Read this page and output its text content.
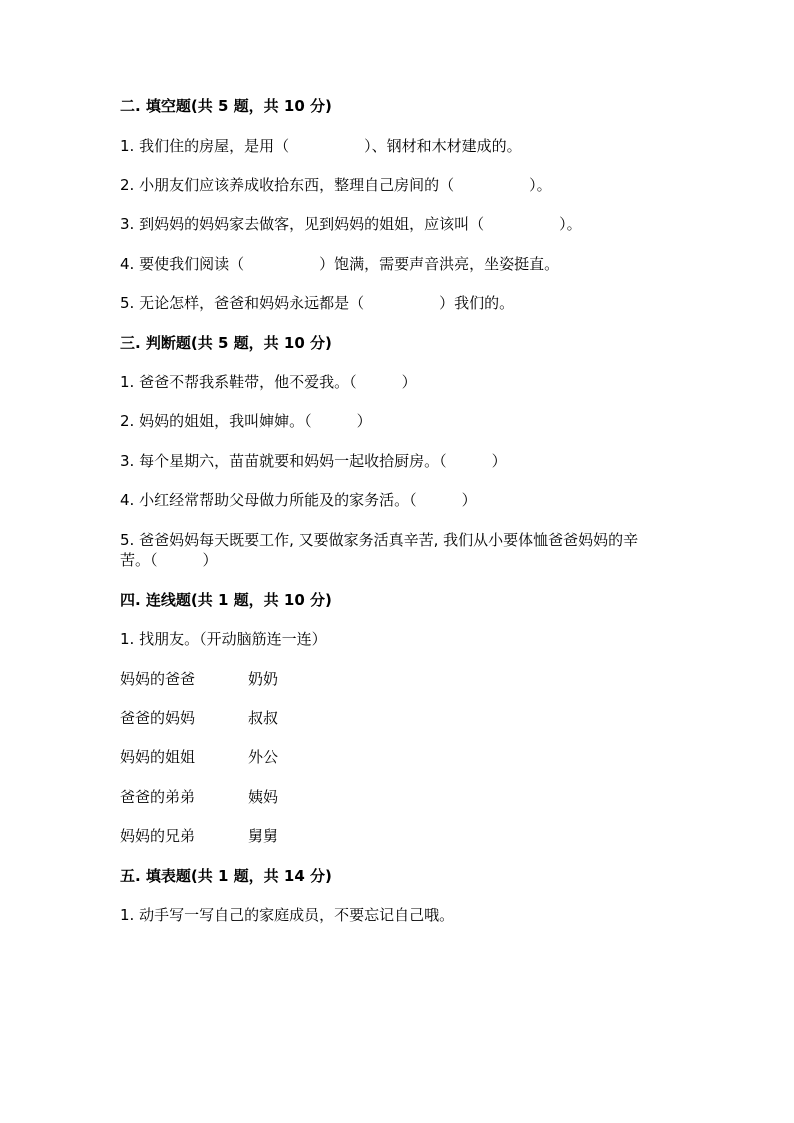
二. 填空题(共 5 题，共 10 分)
1. 我们住的房屋，是用（　　　　　）、钢材和木材建成的。
2. 小朋友们应该养成收拾东西，整理自己房间的（　　　　　）。
3. 到妈妈的妈妈家去做客，见到妈妈的姐姐，应该叫（　　　　　）。
4. 要使我们阅读（　　　　　）饱满，需要声音洪亮，坐姿挺直。
5. 无论怎样，爸爸和妈妈永远都是（　　　　　）我们的。
三. 判断题(共 5 题，共 10 分)
1. 爸爸不帮我系鞋带，他不爱我。（　　　）
2. 妈妈的姐姐，我叫婶婶。（　　　）
3. 每个星期六，苗苗就要和妈妈一起收拾厨房。（　　　）
4. 小红经常帮助父母做力所能及的家务活。（　　　）
5. 爸爸妈妈每天既要工作, 又要做家务活真辛苦, 我们从小要体恤爸爸妈妈的辛
苦。（　　　）
四. 连线题(共 1 题，共 10 分)
1. 找朋友。（开动脑筋连一连）
妈妈的爸爸	奶奶
爸爸的妈妈	叔叔
妈妈的姐姐	外公
爸爸的弟弟	姨妈
妈妈的兄弟	舅舅
五. 填表题(共 1 题，共 14 分)
1. 动手写一写自己的家庭成员，不要忘记自己哦。
